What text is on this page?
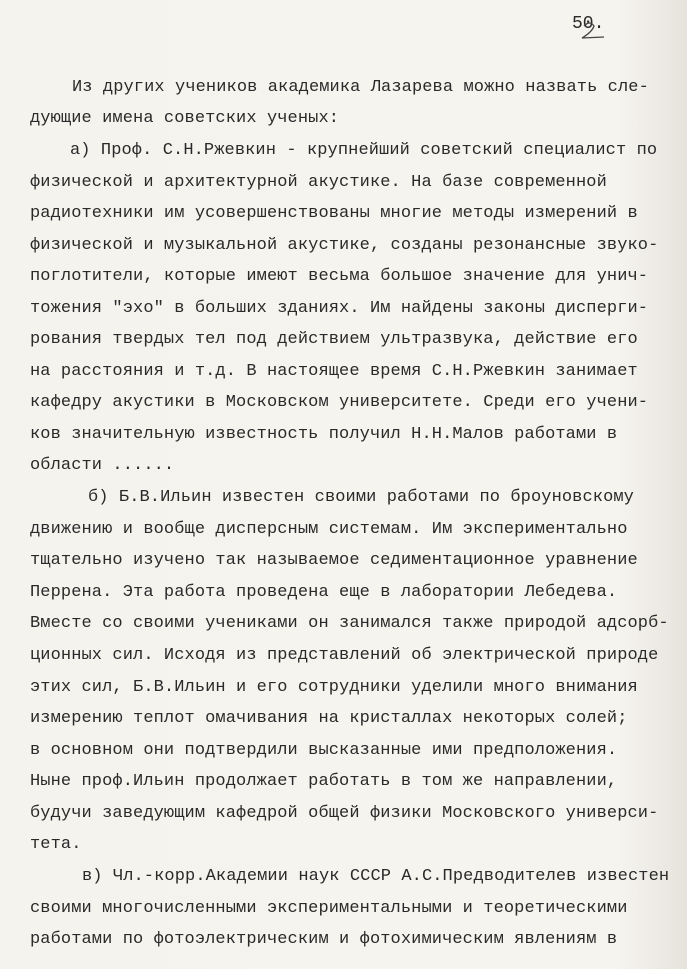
50.
Из других учеников академика Лазарева можно назвать сле-
дующие имена советских ученых:
а) Проф. С.Н.Ржевкин - крупнейший советский специалист по
физической и архитектурной акустике. На базе современной
радиотехники им усовершенствованы многие методы измерений в
физической и музыкальной акустике, созданы резонансные звуко-
поглотители, которые имеют весьма большое значение для унич-
тожения "эхо" в больших зданиях. Им найдены законы дисперги-
рования твердых тел под действием ультразвука, действие его
на расстояния и т.д. В настоящее время С.Н.Ржевкин занимает
кафедру акустики в Московском университете. Среди его учени-
ков значительную известность получил Н.Н.Малов работами в
области ......
б) Б.В.Ильин известен своими работами по броуновскому
движению и вообще дисперсным системам. Им экспериментально
тщательно изучено так называемое седиментационное уравнение
Перрена. Эта работа проведена еще в лаборатории Лебедева.
Вместе со своими учениками он занимался также природой адсорб-
ционных сил. Исходя из представлений об электрической природе
этих сил, Б.В.Ильин и его сотрудники уделили много внимания
измерению теплот омачивания на кристаллах некоторых солей;
в основном они подтвердили высказанные ими предположения.
Ныне проф.Ильин продолжает работать в том же направлении,
будучи заведующим кафедрой общей физики Московского универси-
тета.
в) Чл.-корр.Академии наук СССР А.С.Предводителев известен
своими многочисленными экспериментальными и теоретическими
работами по фотоэлектрическим и фотохимическим явлениям в
